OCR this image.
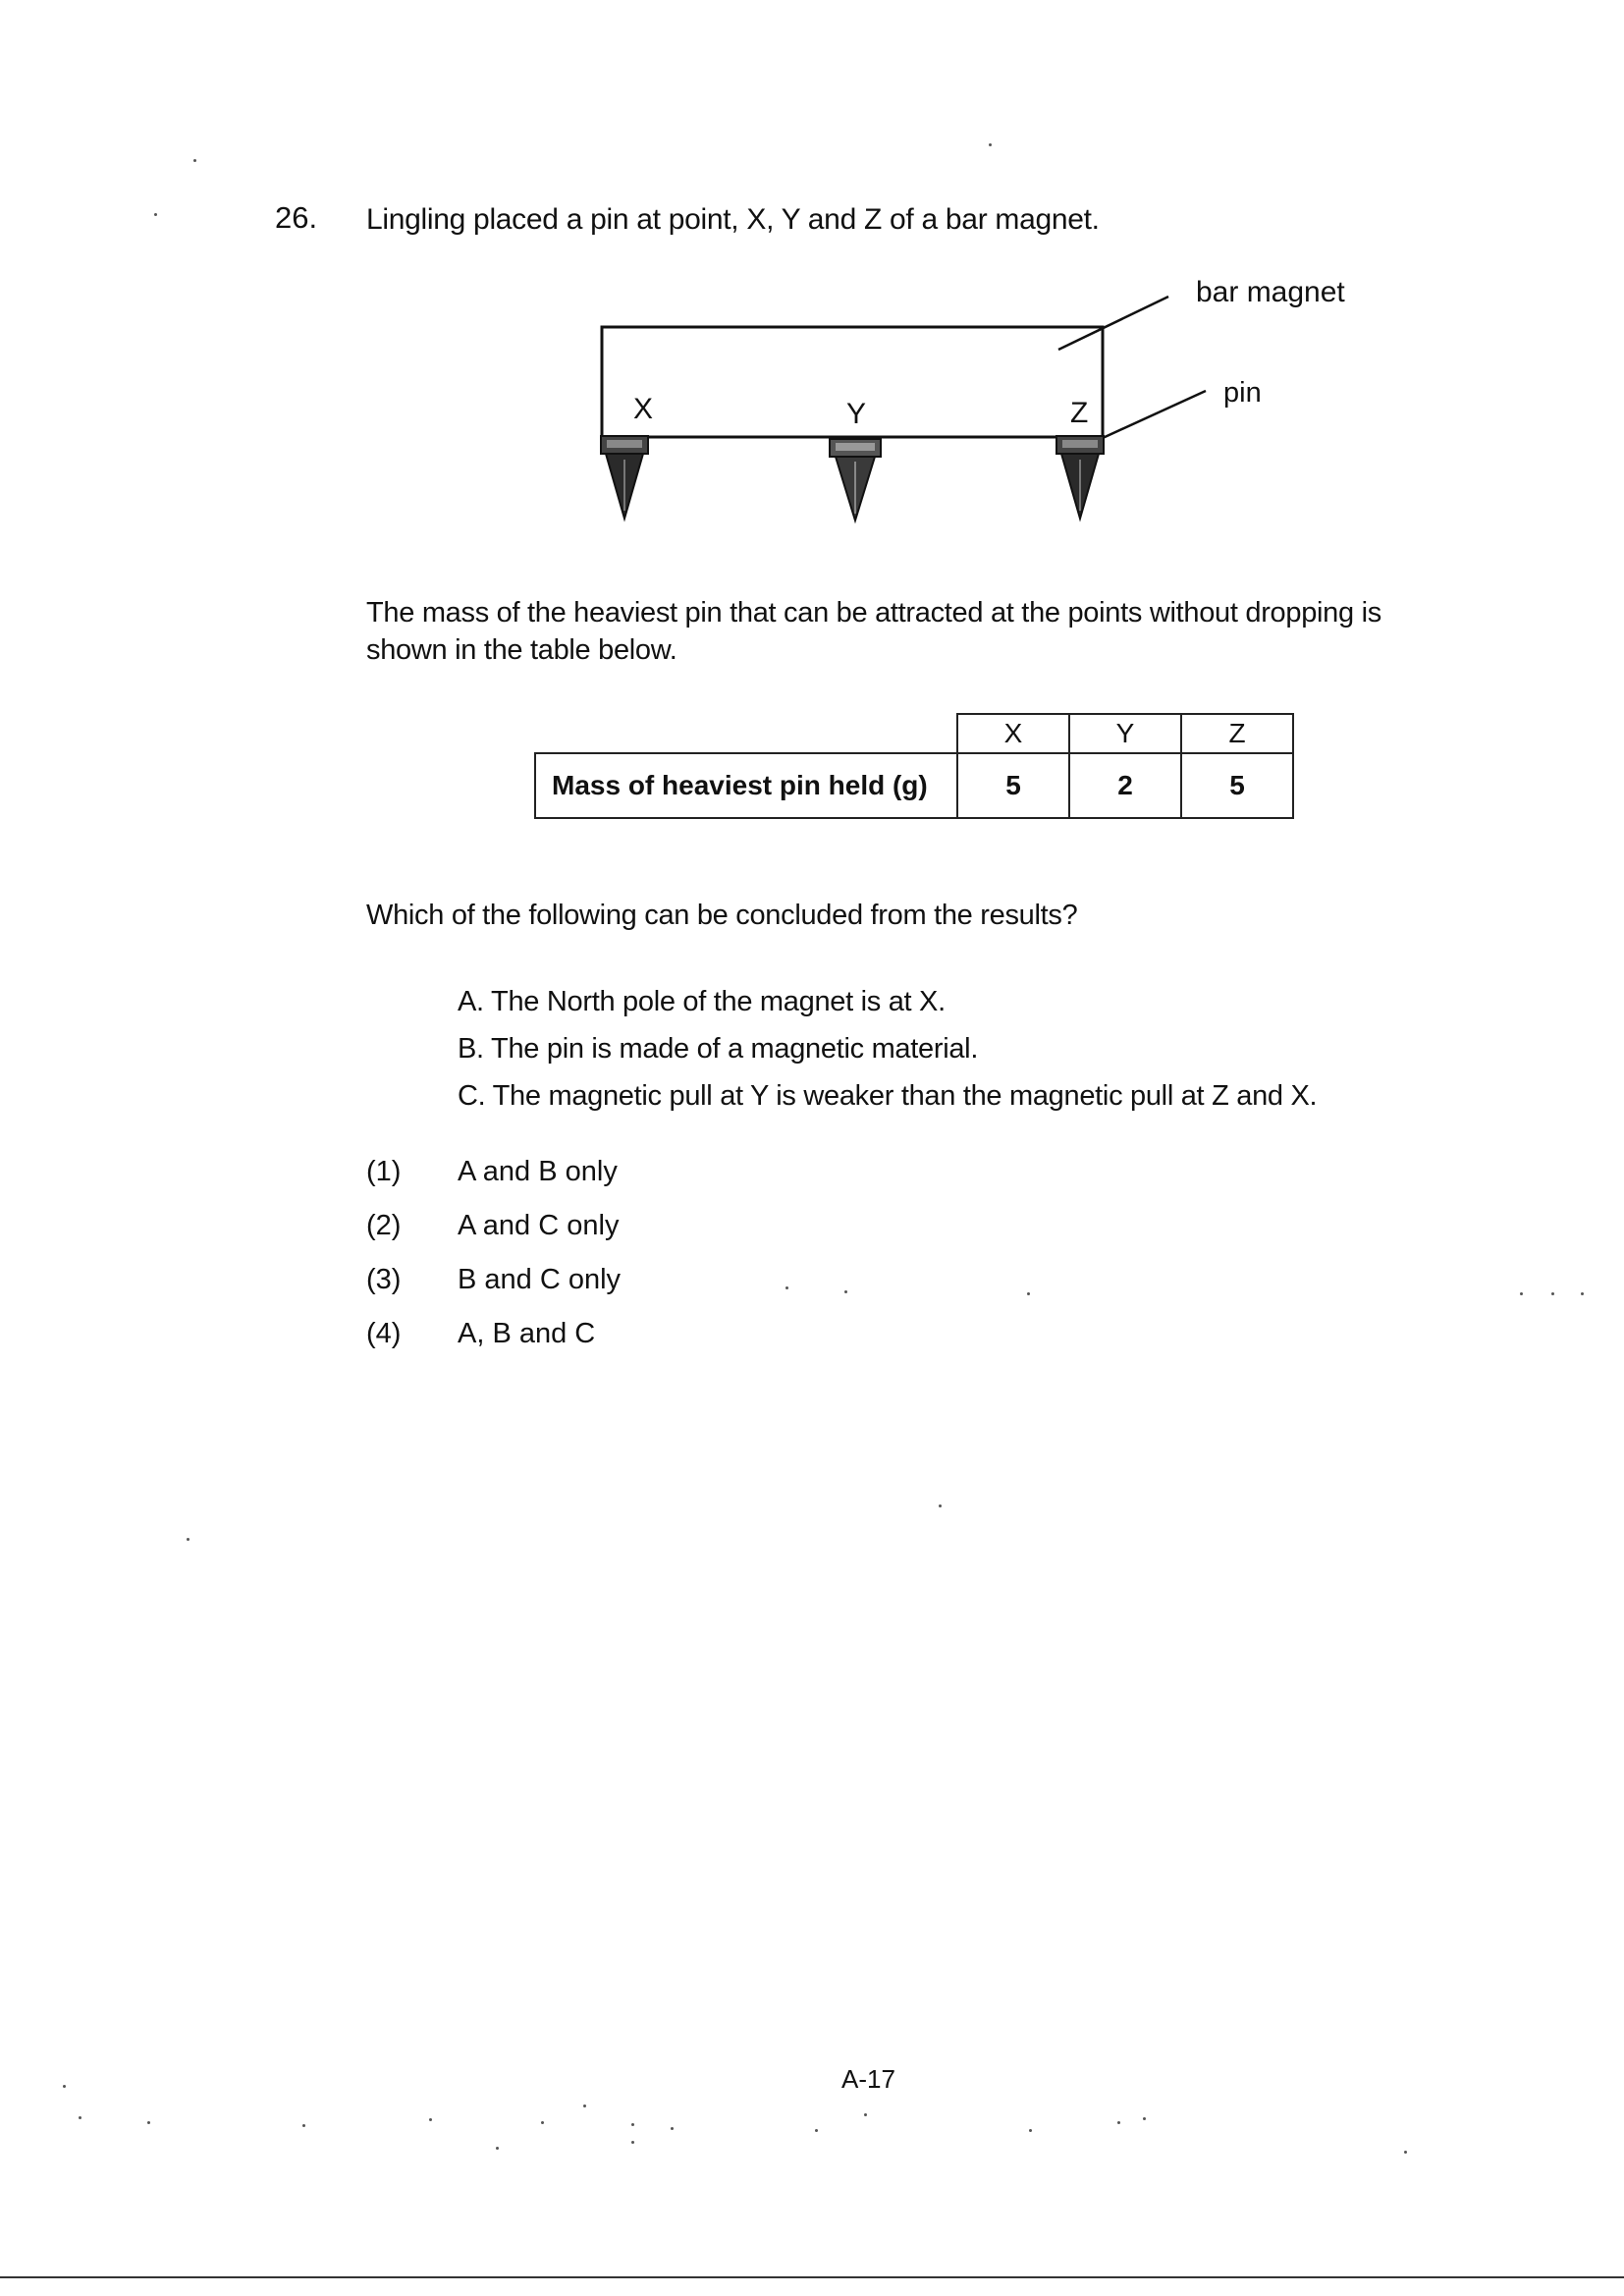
26. Lingling placed a pin at point, X, Y and Z of a bar magnet.
bar magnet
pin
X	Y	Z
The mass of the heaviest pin that can be attracted at the points without dropping is shown in the table below.
	X	Y	Z
Mass of heaviest pin held (g)	5	2	5
Which of the following can be concluded from the results?
A. The North pole of the magnet is at X.
B. The pin is made of a magnetic material.
C. The magnetic pull at Y is weaker than the magnetic pull at Z and X.
(1)	A and B only
(2)	A and C only
(3)	B and C only
(4)	A, B and C
A-17
